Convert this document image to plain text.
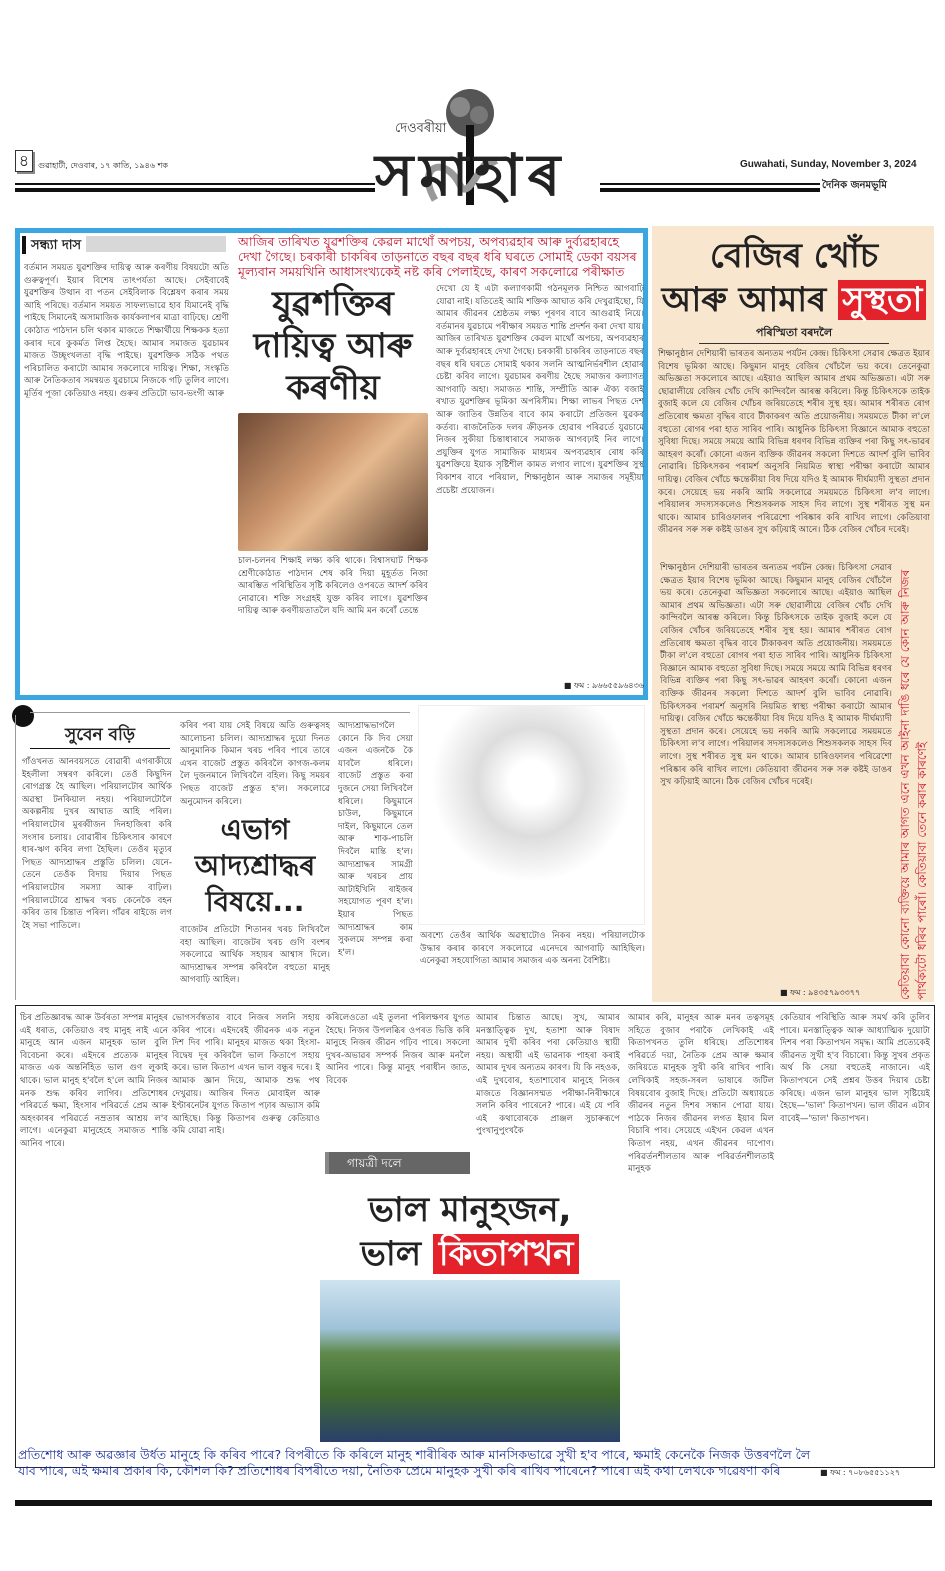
৪	গুৱাহাটী, দেওবাৰ, ১৭ কাতি, ১৯৪৬ শক
দেওবৰীয়া
সমাহাৰ	Guwahati, Sunday, November 3, 2024
দৈনিক জনমভূমি
সন্ধ্যা দাস
বৰ্তমান সময়ত যুৱশক্তিৰ দায়িত্ব আৰু কৰণীয় বিষয়টো অতি গুৰুত্বপূৰ্ণ। ইয়াৰ বিশেষ তাৎপৰ্যতা আছে। সেইবাবেই যুৱশক্তিৰ উত্থান বা পতন সেইবিলাক বিশ্লেষণ কৰাৰ সময় আহি পৰিছে। বৰ্তমান সময়ত সাফল্যভাৱে হাব যিমানেই বৃদ্ধি পাইছে সিমানেই অসামাজিক কাৰ্যকলাপৰ মাত্ৰা বাঢ়িছে। শ্ৰেণী কোঠাত পাঠদান চলি থকাৰ মাজতে শিক্ষাৰ্থীয়ে শিক্ষকক হত্যা কৰাৰ দৰে কুকৰ্মত লিপ্ত হৈছে। আমাৰ সমাজত যুৱচামৰ মাজত উচ্ছৃংখলতা বৃদ্ধি পাইছে। যুৱশক্তিক সঠিক পথত পৰিচালিত কৰাটো আমাৰ সকলোৰে দায়িত্ব। শিক্ষা, সংস্কৃতি আৰু নৈতিকতাৰ সমন্বয়ত যুৱচামে নিজকে গঢ়ি তুলিব লাগে। মূৰ্তিৰ পূজা কেতিয়াও নহয়। গুৰুৰ প্ৰতিটো ভাব-ভংগী আৰু
আজিৰ তাৰিখত যুৱশক্তিৰ কেৱল মাথোঁ অপচয়, অপব্যৱহাৰ আৰু দুৰ্ব্যৱহাৰহে দেখা গৈছে। চৰকাৰী চাকৰিৰ তাড়নাতে বছৰ বছৰ ধৰি ঘৰতে সোমাই ডেকা বয়সৰ মূল্যবান সময়খিনি আধাসংখ্যকেই নষ্ট কৰি পেলাইছে, কাৰণ সকলোৱে পৰীক্ষাত
যুৱশক্তিৰ দায়িত্ব আৰু কৰণীয়
চাল-চলনৰ শিক্ষাই লক্ষ্য কৰি থাকে। বিশ্বাসঘাট শিক্ষক শ্ৰেণীকোঠাত পাঠদান শেষ কৰি দিয়া মুহূৰ্তত নিজা আৰম্ভিত পৰিস্থিতিৰ সৃষ্টি কৰিলেও ওপৰতে আদৰ্শ কৰিব নোৱাৰে। শক্তি সংগ্ৰহই যুক্ত কৰিব লাগে। যুৱশক্তিৰ দায়িত্ব আৰু কৰণীয়তাতলৈ যদি আমি মন কৰোঁ তেন্তে
দেখো যে ই এটা কল্যাণকামী গঠনমূলক নিশ্চিত আগবাঢ়ি যোৱা নাই। যতিতেই আমি শক্তিক আঘাত কৰি দেখুৱাইছো, যি আমাৰ জীৱনৰ শ্ৰেষ্ঠতম লক্ষ্য পূৰণৰ বাবে আগুৱাই নিয়ে। বৰ্তমানৰ যুৱচামে পৰীক্ষাৰ সময়ত শান্তি প্ৰদৰ্শন কৰা দেখা যায়। আজিৰ তাৰিখত যুৱশক্তিৰ কেৱল মাথোঁ অপচয়, অপব্যৱহাৰ আৰু দুৰ্ব্যৱহাৰহে দেখা গৈছে। চৰকাৰী চাকৰিৰ তাড়নাতে বছৰ বছৰ ধৰি ঘৰতে সোমাই থকাৰ সলনি আত্মনিৰ্ভৰশীল হোৱাৰ চেষ্টা কৰিব লাগে। যুৱচামৰ কৰণীয় হৈছে সমাজৰ কল্যাণত আগবাঢ়ি অহা। সমাজত শান্তি, সম্প্ৰীতি আৰু ঐক্য বজাই ৰখাত যুৱশক্তিৰ ভূমিকা অপৰিসীম। শিক্ষা লাভৰ পিছত দেশ আৰু জাতিৰ উন্নতিৰ বাবে কাম কৰাটো প্ৰতিজন যুৱকৰ কৰ্তব্য। ৰাজনৈতিক দলৰ ক্ৰীড়নক হোৱাৰ পৰিৱৰ্তে যুৱচামে নিজৰ সুকীয়া চিন্তাধাৰাৰে সমাজক আগবঢ়াই নিব লাগে। প্ৰযুক্তিৰ যুগত সামাজিক মাধ্যমৰ অপব্যৱহাৰ ৰোধ কৰি যুৱশক্তিয়ে ইয়াক সৃষ্টিশীল কামত লগাব লাগে। যুৱশক্তিৰ সুস্থ বিকাশৰ বাবে পৰিয়াল, শিক্ষানুষ্ঠান আৰু সমাজৰ সমূহীয়া প্ৰচেষ্টা প্ৰয়োজন।
■ ফম : ৯৬৬৫৫৯৬৪৩৬
বেজিৰ খোঁচ
আৰু আমাৰ সুস্থতা
পৰিস্মিতা বৰদলৈ
শিক্ষানুষ্ঠান দেশিয়াৰী ভাৰতৰ অন্যতম পৰ্যটন কেন্দ্ৰ। চিকিৎসা সেৱাৰ ক্ষেত্ৰত ইয়াৰ বিশেষ ভূমিকা আছে। কিছুমান মানুহ বেজিৰ খোঁচলৈ ভয় কৰে। তেনেকুৱা অভিজ্ঞতা সকলোৰে আছে। এইয়াও আছিল আমাৰ প্ৰথম অভিজ্ঞতা। এটা সৰু ছোৱালীয়ে বেজিৰ খোঁচ দেখি কান্দিবলৈ আৰম্ভ কৰিলে। কিন্তু চিকিৎসকে তাইক বুজাই কলে যে বেজিৰ খোঁচৰ জৰিয়তেহে শৰীৰ সুস্থ হয়। আমাৰ শৰীৰত ৰোগ প্ৰতিৰোধ ক্ষমতা বৃদ্ধিৰ বাবে টীকাকৰণ অতি প্ৰয়োজনীয়। সময়মতে টীকা ল'লে বহুতো ৰোগৰ পৰা হাত সাৰিব পাৰি। আধুনিক চিকিৎসা বিজ্ঞানে আমাক বহুতো সুবিধা দিছে। সময়ে সময়ে আমি বিভিন্ন ধৰণৰ বিভিন্ন ব্যক্তিৰ পৰা কিছু সৎ-ভাৱৰ আহৰণ কৰোঁ। কোনো এজন ব্যক্তিক জীৱনৰ সকলো দিশতে আদৰ্শ বুলি ভাবিব নোৱাৰি। চিকিৎসকৰ পৰামৰ্শ অনুসৰি নিয়মিত স্বাস্থ্য পৰীক্ষা কৰাটো আমাৰ দায়িত্ব। বেজিৰ খোঁচে ক্ষন্তেকীয়া বিষ দিয়ে যদিও ই আমাক দীৰ্ঘম্যাদী সুস্থতা প্ৰদান কৰে। সেয়েহে ভয় নকৰি আমি সকলোৱে সময়মতে চিকিৎসা ল'ব লাগে। পৰিয়ালৰ সদস্যসকলেও শিশুসকলক সাহস দিব লাগে। সুস্থ শৰীৰত সুস্থ মন থাকে। আমাৰ চাৰিওফালৰ পৰিৱেশো পৰিষ্কাৰ কৰি ৰাখিব লাগে। কেতিয়াবা জীৱনৰ সৰু সৰু কষ্টই ডাঙৰ সুখ কঢ়িয়াই আনে। ঠিক বেজিৰ খোঁচৰ দৰেই।
শিক্ষানুষ্ঠান দেশিয়াৰী ভাৰতৰ অন্যতম পৰ্যটন কেন্দ্ৰ। চিকিৎসা সেৱাৰ ক্ষেত্ৰত ইয়াৰ বিশেষ ভূমিকা আছে। কিছুমান মানুহ বেজিৰ খোঁচলৈ ভয় কৰে। তেনেকুৱা অভিজ্ঞতা সকলোৰে আছে। এইয়াও আছিল আমাৰ প্ৰথম অভিজ্ঞতা। এটা সৰু ছোৱালীয়ে বেজিৰ খোঁচ দেখি কান্দিবলৈ আৰম্ভ কৰিলে। কিন্তু চিকিৎসকে তাইক বুজাই কলে যে বেজিৰ খোঁচৰ জৰিয়তেহে শৰীৰ সুস্থ হয়। আমাৰ শৰীৰত ৰোগ প্ৰতিৰোধ ক্ষমতা বৃদ্ধিৰ বাবে টীকাকৰণ অতি প্ৰয়োজনীয়। সময়মতে টীকা ল'লে বহুতো ৰোগৰ পৰা হাত সাৰিব পাৰি। আধুনিক চিকিৎসা বিজ্ঞানে আমাক বহুতো সুবিধা দিছে। সময়ে সময়ে আমি বিভিন্ন ধৰণৰ বিভিন্ন ব্যক্তিৰ পৰা কিছু সৎ-ভাৱৰ আহৰণ কৰোঁ। কোনো এজন ব্যক্তিক জীৱনৰ সকলো দিশতে আদৰ্শ বুলি ভাবিব নোৱাৰি। চিকিৎসকৰ পৰামৰ্শ অনুসৰি নিয়মিত স্বাস্থ্য পৰীক্ষা কৰাটো আমাৰ দায়িত্ব। বেজিৰ খোঁচে ক্ষন্তেকীয়া বিষ দিয়ে যদিও ই আমাক দীৰ্ঘম্যাদী সুস্থতা প্ৰদান কৰে। সেয়েহে ভয় নকৰি আমি সকলোৱে সময়মতে চিকিৎসা ল'ব লাগে। পৰিয়ালৰ সদস্যসকলেও শিশুসকলক সাহস দিব লাগে। সুস্থ শৰীৰত সুস্থ মন থাকে। আমাৰ চাৰিওফালৰ পৰিৱেশো পৰিষ্কাৰ কৰি ৰাখিব লাগে। কেতিয়াবা জীৱনৰ সৰু সৰু কষ্টই ডাঙৰ সুখ কঢ়িয়াই আনে। ঠিক বেজিৰ খোঁচৰ দৰেই।	কেতিয়াবা কোনো ব্যক্তিয়ে আমাৰ আগত এনে এখন আইনা দাঙি ধৰে যে কোন আৰু নিজৰ পাৰ্থক্যটো ধৰিব পাৰোঁ। কেতিয়াবা তেনে কৰাৰ কাৰণেই
■ ফম : ৯৪৩৫৭৯৩৩৭৭
সুবেন বড়ি
গাঁওখনত আনবয়সতে বোৱাৰী এগৰাকীয়ে ইহলীলা সম্বৰণ কৰিলে। তেওঁ কিছুদিন ৰোগগ্ৰস্ত হৈ আছিল। পৰিয়ালটোৰ আৰ্থিক অৱস্থা টনকিয়াল নহয়। পৰিয়ালটোলৈ অকল্পনীয় দুখৰ আঘাত আহি পৰিল। পৰিয়ালটোৰ মুৰব্বীজন দিনহাজিৰা কৰি সংসাৰ চলায়। বোৱাৰীৰ চিকিৎসাৰ কাৰণে ধাৰ-ঋণ কৰিব লগা হৈছিল। তেওঁৰ মৃত্যুৰ পিছত আদ্যশ্ৰাদ্ধৰ প্ৰস্তুতি চলিল। যেনে-তেনে তেওঁক বিদায় দিয়াৰ পিছত পৰিয়ালটোৰ সমস্যা আৰু বাঢ়িল। পৰিয়ালটোৱে শ্ৰাদ্ধৰ খৰচ কেনেকৈ বহন কৰিব তাৰ চিন্তাত পৰিল। গাঁৱৰ ৰাইজে লগ হৈ সভা পাতিলে।
কৰিব পৰা যায় সেই বিষয়ে অতি গুৰুত্বসহ আলোচনা চলিল। আদ্যশ্ৰাদ্ধৰ দুয়ো দিনত আনুমানিক কিমান খৰচ পৰিব পাৰে তাৰে এখন বাজেট প্ৰস্তুত কৰিবলৈ কাগজ-কলম লৈ দুজনমানে লিখিবলৈ বহিল। কিছু সময়ৰ পিছত বাজেট প্ৰস্তুত হ'ল। সকলোৱে অনুমোদন কৰিলে।
এভাগ আদ্যশ্ৰাদ্ধৰ বিষয়ে...
বাজেটৰ প্ৰতিটো শিতানৰ খৰচ লিখিবলৈ বহা আছিল। বাজেটৰ খৰচ গুণি বংশৰ সকলোৱে আৰ্থিক সহায়ৰ আশ্বাস দিলে। আদ্যশ্ৰাদ্ধৰ সম্পন্ন কৰিবলৈ বহুতো মানুহ আগবাঢ়ি আহিল।
আদ্যশ্ৰাদ্ধভাগলৈ কোনে কি দিব সেয়া এজন এজনকৈ কৈ যাবলৈ ধৰিলে। বাজেট প্ৰস্তুত কৰা দুজনে সেয়া লিখিবলৈ ধৰিলে। কিছুমানে চাউল, কিছুমানে দাইল, কিছুমানে তেল আৰু শাক-পাচলি দিবলৈ মান্তি হ'ল। আদ্যশ্ৰাদ্ধৰ সামগ্ৰী আৰু খৰচৰ প্ৰায় আটাইখিনি ৰাইজৰ সহযোগত পূৰণ হ'ল। ইয়াৰ পিছত আদ্যশ্ৰাদ্ধৰ কাম সুকলমে সম্পন্ন কৰা হ'ল।
অবশ্যে তেওঁৰ আৰ্থিক অৱস্থাটোও নিকৰ নহয়। পৰিয়ালটোক উদ্ধাৰ কৰাৰ কাৰণে সকলোৱে এনেদৰে আগবাঢ়ি আহিছিল। এনেকুৱা সহযোগিতা আমাৰ সমাজৰ এক অনন্য বৈশিষ্ট্য।
চিৰ প্ৰতিজ্ঞাবদ্ধ আৰু উৰ্বৰতা সম্পন্ন মানুহৰ এই ধৰাত, কেতিয়াও বহু মানুহ নাই এনে মানুহে আন এজন মানুহক ভাল বুলি বিবেচনা কৰে। এইদৰে প্ৰত্যেক মানুহৰ মাজত এক অন্তৰ্নিহিত ভাল গুণ লুকাই থাকে। ভাল মানুহ হ'বলৈ হ'লে আমি নিজৰ মনক শুদ্ধ কৰিব লাগিব। প্ৰতিশোধৰ পৰিৱৰ্তে ক্ষমা, হিংসাৰ পৰিৱৰ্তে প্ৰেম আৰু অহংকাৰৰ পৰিৱৰ্তে নম্ৰতাৰ আশ্ৰয় ল'ব লাগে। এনেকুৱা মানুহেহে সমাজত শান্তি আনিব পাৰে।
ভোগসৰ্বস্বতাৰ বাবে নিজৰ সলনি সহায় কৰিব পাৰে। এইদৰেই জীৱনক এক নতুন দিশ দিব পাৰি। মানুহৰ মাজত থকা হিংসা-বিদ্বেষ দূৰ কৰিবলৈ ভাল কিতাপে সহায় কৰে। ভাল কিতাপ এখন ভাল বন্ধুৰ দৰে। ই আমাক জ্ঞান দিয়ে, আমাক শুদ্ধ পথ দেখুৱায়। আজিৰ দিনত মোবাইল আৰু ইণ্টাৰনেটৰ যুগত কিতাপ পঢ়াৰ অভ্যাস কমি আহিছে। কিন্তু কিতাপৰ গুৰুত্ব কেতিয়াও কমি যোৱা নাই।
কৰিলেওতো এই তুলনা পৰিলক্ষণৰ যুগত হৈছে। নিজৰ উপলব্ধিৰ ওপৰত ভিত্তি কৰি মানুহে নিজৰ জীৱন গঢ়িব পাৰে। সকলো দুখৰ-অভাৱৰ সম্পৰ্ক নিজৰ আৰু মনলৈ আনিব পাৰে। কিন্তু মানুহ পৰাধীন জাত, বিবেক
গায়ত্ৰী দলে
আমাৰ চিন্তাত আছে। সুখ, আমাৰ মনস্তাত্ত্বিক দুখ, হতাশা আৰু বিষাদ আমাৰ দুখী কৰিব পৰা কেতিয়াও স্থায়ী নহয়। অস্থায়ী এই ভাৱনাক পাহৰা কৰাই আমাৰ দুখৰ অন্যতম কাৰণ। যি কি নহওক, এই দুখবোৰ, হতাশাবোৰ মানুহে নিজৰ মাজতে বিজ্ঞানসম্মত পৰীক্ষা-নিৰীক্ষাৰে সলনি কৰিব পাৰেনে? পাৰে। এই যে পৰি এই কথাবোৰকে প্ৰাঞ্জল সুচাৰুৰূপে পুংখানুপুংখকৈ
ভাল মানুহজন,
ভাল কিতাপখন
আমাৰ কৰি, মানুহৰ আৰু মনৰ তত্বসমূহ সহিতে বুজাব পৰাকৈ লেখিকাই এই কিতাপখনত তুলি ধৰিছে। প্ৰতিশোধৰ পৰিৱৰ্তে দয়া, নৈতিক প্ৰেম আৰু ক্ষমাৰ জৰিয়তে মানুহক সুখী কৰি ৰাখিব পাৰি। লেখিকাই সহজ-সৰল ভাষাৰে জটিল বিষয়বোৰ বুজাই দিছে। প্ৰতিটো অধ্যায়তে জীৱনৰ নতুন দিশৰ সন্ধান পোৱা যায়। পাঠকে নিজৰ জীৱনৰ লগত ইয়াৰ মিল বিচাৰি পাব। সেয়েহে এইখন কেৱল এখন কিতাপ নহয়, এখন জীৱনৰ দাপোণ। পৰিৱৰ্তনশীলতাৰ আৰু পৰিৱৰ্তনশীলতাই মানুহক
কেতিয়াৰ পৰিস্থিতি আৰু সমৰ্থ কৰি তুলিব পাৰে। মনস্তাত্ত্বিক আৰু আধ্যাত্মিক দুয়োটা দিশৰ পৰা কিতাপখন সমৃদ্ধ। আমি প্ৰত্যেকেই জীৱনত সুখী হ'ব বিচাৰো। কিন্তু সুখৰ প্ৰকৃত অৰ্থ কি সেয়া বহুতেই নাজানে। এই কিতাপখনে সেই প্ৰশ্নৰ উত্তৰ দিয়াৰ চেষ্টা কৰিছে। এজন ভাল মানুহৰ ভাল সৃষ্টিয়েই হৈছে—'ভাল' কিতাপখন। ভাল জীৱন এটাৰ বাবেই—'ভাল' কিতাপখন।
প্ৰতিশোধ আৰু অৱজ্ঞাৰ উৰ্ধত মানুহে কি কৰিব পাৰে? বিপৰীতে কি কৰিলে মানুহ শাৰীৰিক আৰু মানসিকভাৱে সুখী হ'ব পাৰে, ক্ষমাই কেনেকৈ নিজক উত্তৰণলৈ লৈ যাব পাৰে, এই ক্ষমাৰ প্ৰকাৰ কি, কৌশল কি? প্ৰতিশোধৰ বিপৰীতে দয়া, নৈতিক প্ৰেমে মানুহক সুখী কৰি ৰাখিব পাৰেনে? পাৰে। এই কথা লেখকে গৱেষণা কৰি	■ ফম : ৭০৮৬৫৫১১২৭
